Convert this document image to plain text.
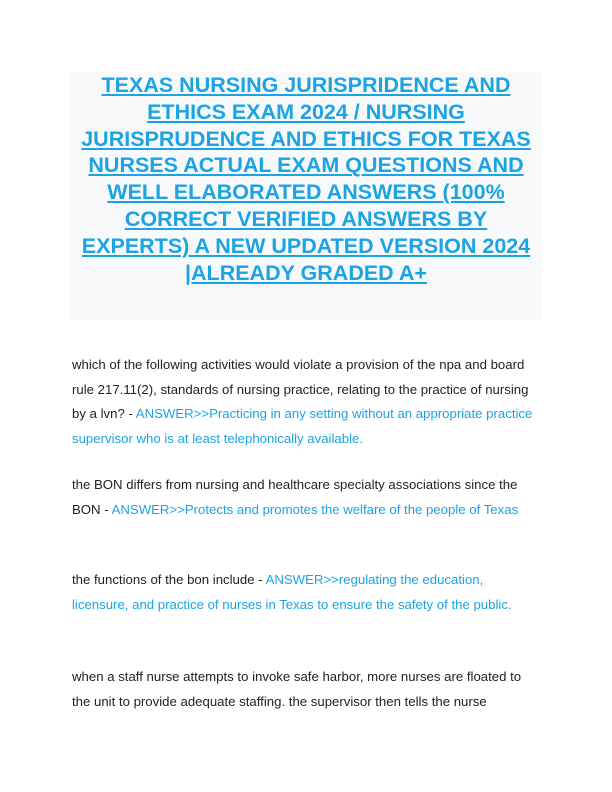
TEXAS NURSING JURISPRIDENCE AND ETHICS EXAM 2024 / NURSING JURISPRUDENCE AND ETHICS FOR TEXAS NURSES ACTUAL EXAM QUESTIONS AND WELL ELABORATED ANSWERS (100% CORRECT VERIFIED ANSWERS BY EXPERTS) A NEW UPDATED VERSION 2024 |ALREADY GRADED A+

which of the following activities would violate a provision of the npa and board rule 217.11(2), standards of nursing practice, relating to the practice of nursing by a lvn? - ANSWER>>Practicing in any setting without an appropriate practice supervisor who is at least telephonically available.

the BON differs from nursing and healthcare specialty associations since the BON - ANSWER>>Protects and promotes the welfare of the people of Texas

the functions of the bon include - ANSWER>>regulating the education, licensure, and practice of nurses in Texas to ensure the safety of the public.

when a staff nurse attempts to invoke safe harbor, more nurses are floated to the unit to provide adequate staffing. the supervisor then tells the nurse
